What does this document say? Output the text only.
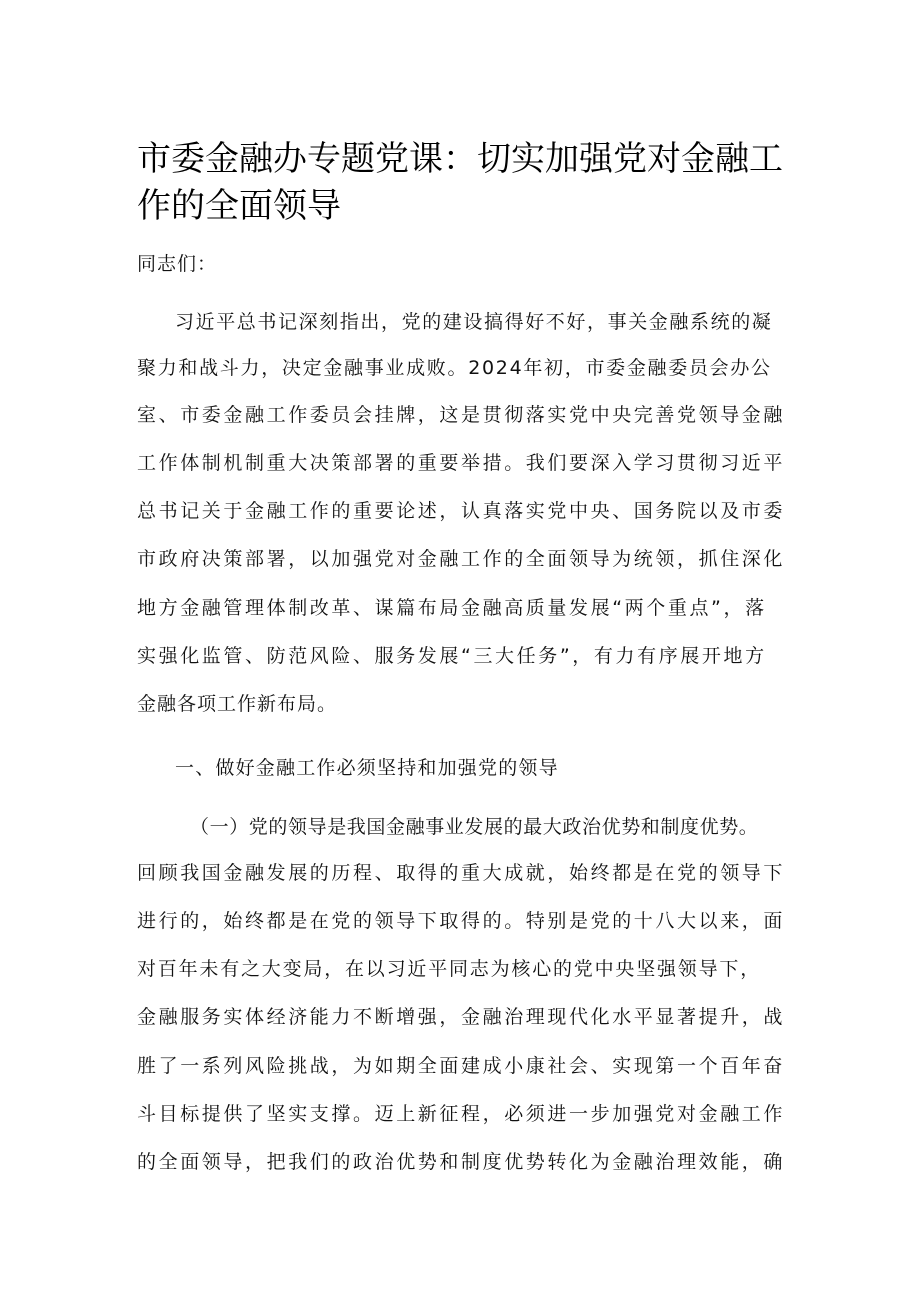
市委金融办专题党课：切实加强党对金融工作的全面领导

同志们：

习近平总书记深刻指出，党的建设搞得好不好，事关金融系统的凝

聚力和战斗力，决定金融事业成败。2024年初，市委金融委员会办公

室、市委金融工作委员会挂牌，这是贯彻落实党中央完善党领导金融

工作体制机制重大决策部署的重要举措。我们要深入学习贯彻习近平

总书记关于金融工作的重要论述，认真落实党中央、国务院以及市委

市政府决策部署，以加强党对金融工作的全面领导为统领，抓住深化

地方金融管理体制改革、谋篇布局金融高质量发展“两个重点”，落

实强化监管、防范风险、服务发展“三大任务”，有力有序展开地方

金融各项工作新布局。

一、做好金融工作必须坚持和加强党的领导

（一）党的领导是我国金融事业发展的最大政治优势和制度优势。

回顾我国金融发展的历程、取得的重大成就，始终都是在党的领导下

进行的，始终都是在党的领导下取得的。特别是党的十八大以来，面

对百年未有之大变局，在以习近平同志为核心的党中央坚强领导下，

金融服务实体经济能力不断增强，金融治理现代化水平显著提升，战

胜了一系列风险挑战，为如期全面建成小康社会、实现第一个百年奋

斗目标提供了坚实支撑。迈上新征程，必须进一步加强党对金融工作

的全面领导，把我们的政治优势和制度优势转化为金融治理效能，确
